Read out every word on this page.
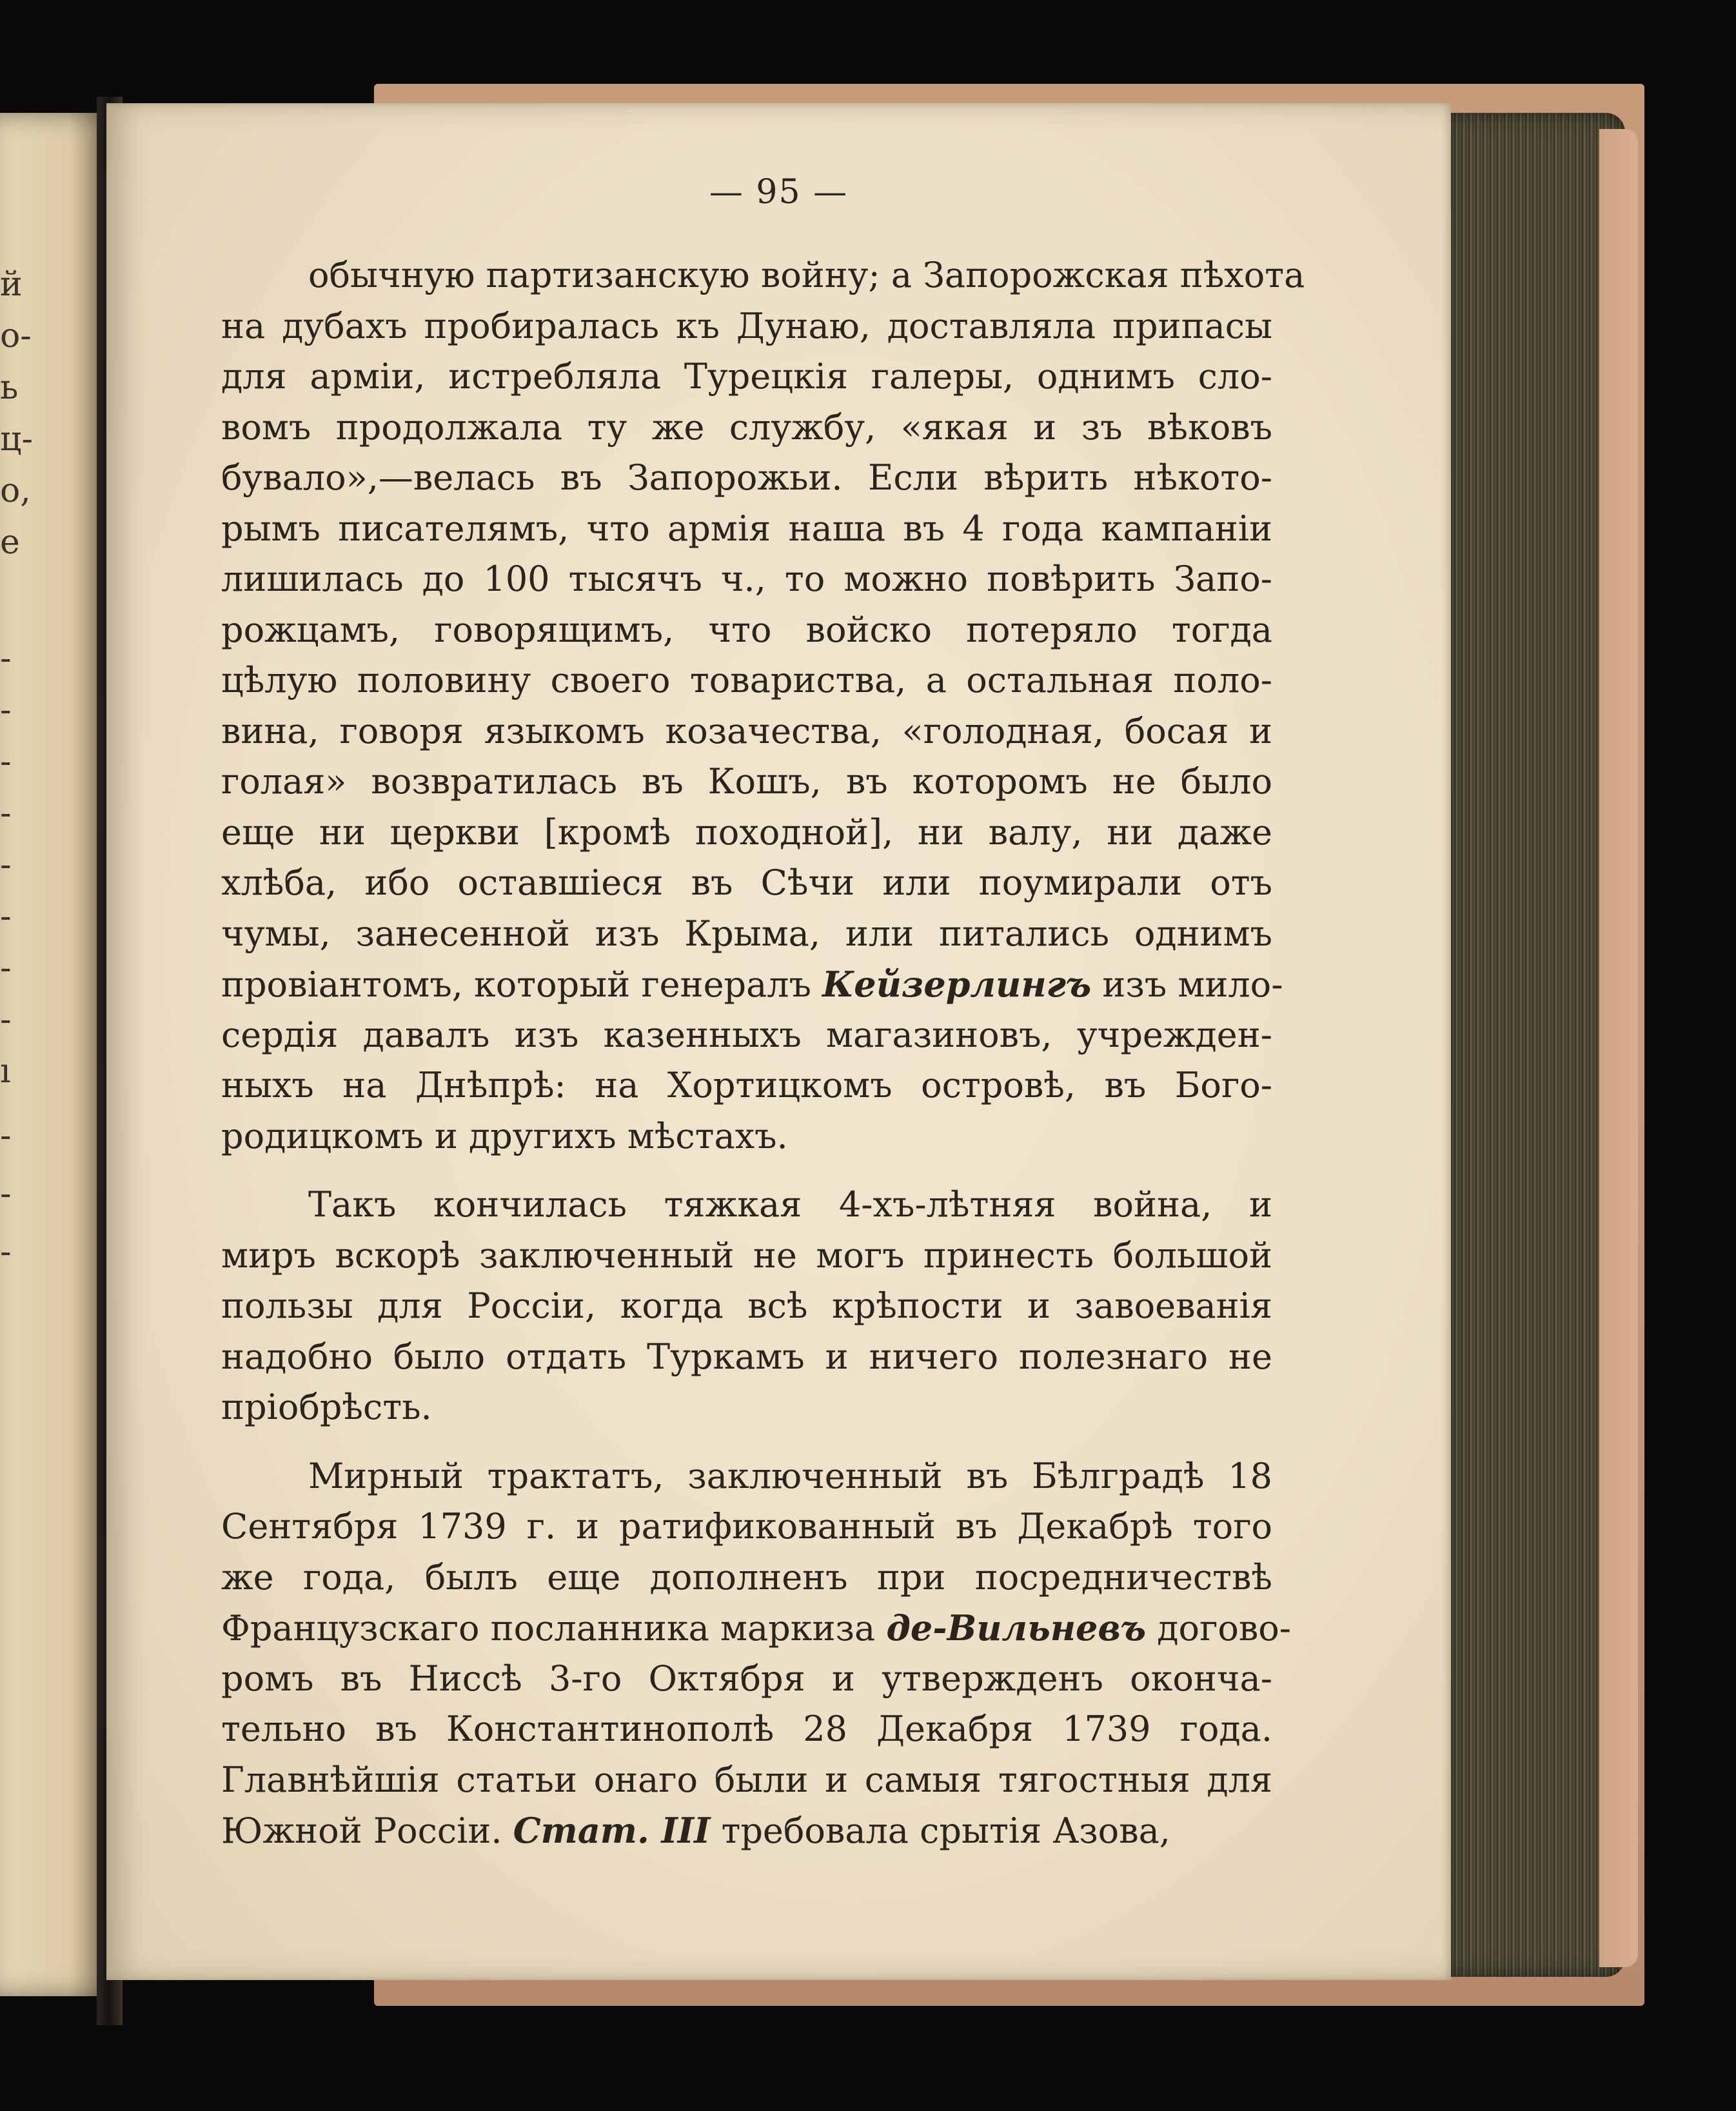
й
о-
ь
ц-
о,
е
-
-
-
-
-
-
-
-
ı
-
-
-
— 95 —
обычную партизанскую войну; а Запорожская пѣхота
на дубахъ пробиралась къ Дунаю, доставляла припасы
для арміи, истребляла Турецкія галеры, однимъ сло-
вомъ продолжала ту же службу, «якая и зъ вѣковъ
бувало»,—велась въ Запорожьи. Если вѣрить нѣкото-
рымъ писателямъ, что армія наша въ 4 года кампаніи
лишилась до 100 тысячъ ч., то можно повѣрить Запо-
рожцамъ, говорящимъ, что войско потеряло тогда
цѣлую половину своего товариства, а остальная поло-
вина, говоря языкомъ козачества, «голодная, босая и
голая» возвратилась въ Кошъ, въ которомъ не было
еще ни церкви [кромѣ походной], ни валу, ни даже
хлѣба, ибо оставшіеся въ Сѣчи или поумирали отъ
чумы, занесенной изъ Крыма, или питались однимъ
провіантомъ, который генералъ Кейзерлингъ изъ мило-
сердія давалъ изъ казенныхъ магазиновъ, учрежден-
ныхъ на Днѣпрѣ: на Хортицкомъ островѣ, въ Бого-
родицкомъ и другихъ мѣстахъ.
Такъ кончилась тяжкая 4-хъ-лѣтняя война, и
миръ вскорѣ заключенный не могъ принесть большой
пользы для Россіи, когда всѣ крѣпости и завоеванія
надобно было отдать Туркамъ и ничего полезнаго не
пріобрѣсть.
Мирный трактатъ, заключенный въ Бѣлградѣ 18
Сентября 1739 г. и ратификованный въ Декабрѣ того
же года, былъ еще дополненъ при посредничествѣ
Французскаго посланника маркиза де-Вильневъ догово-
ромъ въ Ниссѣ 3-го Октября и утвержденъ оконча-
тельно въ Константинополѣ 28 Декабря 1739 года.
Главнѣйшія статьи онаго были и самыя тягостныя для
Южной Россіи. Стат. III требовала срытія Азова,
